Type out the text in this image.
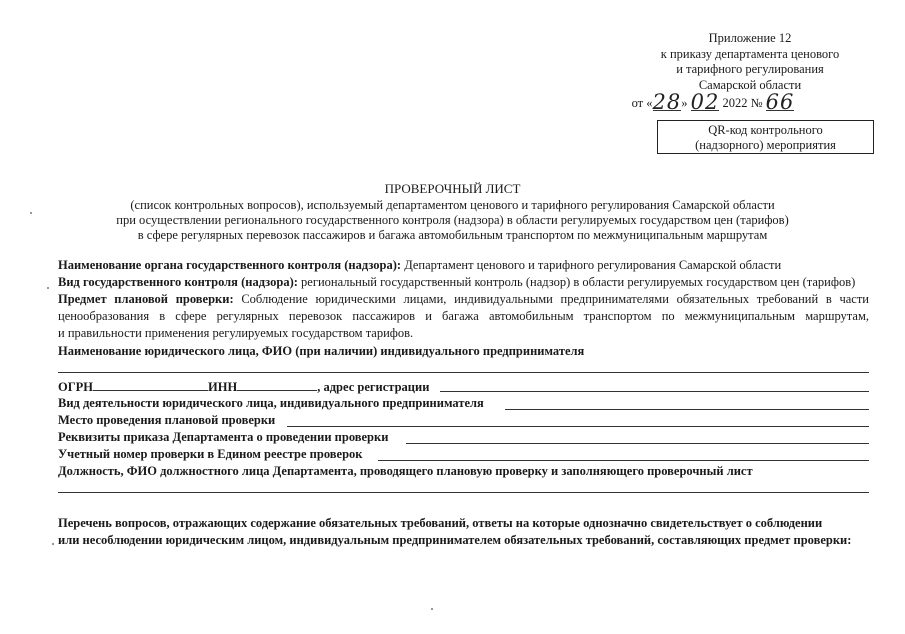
Приложение 12
к приказу департамента ценового
и тарифного регулирования
Самарской области
от «28» 02 2022 № 66
QR-код контрольного
(надзорного) мероприятия
ПРОВЕРОЧНЫЙ ЛИСТ
(список контрольных вопросов), используемый департаментом ценового и тарифного регулирования Самарской области
при осуществлении регионального государственного контроля (надзора) в области регулируемых государством цен (тарифов)
в сфере регулярных перевозок пассажиров и багажа автомобильным транспортом по межмуниципальным маршрутам
Наименование органа государственного контроля (надзора): Департамент ценового и тарифного регулирования Самарской области
Вид государственного контроля (надзора): региональный государственный контроль (надзор) в области регулируемых государством цен (тарифов)
Предмет плановой проверки: Соблюдение юридическими лицами, индивидуальными предпринимателями обязательных требований в части
ценообразования в сфере регулярных перевозок пассажиров и багажа автомобильным транспортом по межмуниципальным маршрутам,
и правильности применения регулируемых государством тарифов.
Наименование юридического лица, ФИО (при наличии) индивидуального предпринимателя
ОГРН	ИНН	, адрес регистрации
Вид деятельности юридического лица, индивидуального предпринимателя
Место проведения плановой проверки
Реквизиты приказа Департамента о проведении проверки
Учетный номер проверки в Едином реестре проверок
Должность, ФИО должностного лица Департамента, проводящего плановую проверку и заполняющего проверочный лист
Перечень вопросов, отражающих содержание обязательных требований, ответы на которые однозначно свидетельствует о соблюдении
или несоблюдении юридическим лицом, индивидуальным предпринимателем обязательных требований, составляющих предмет проверки:
